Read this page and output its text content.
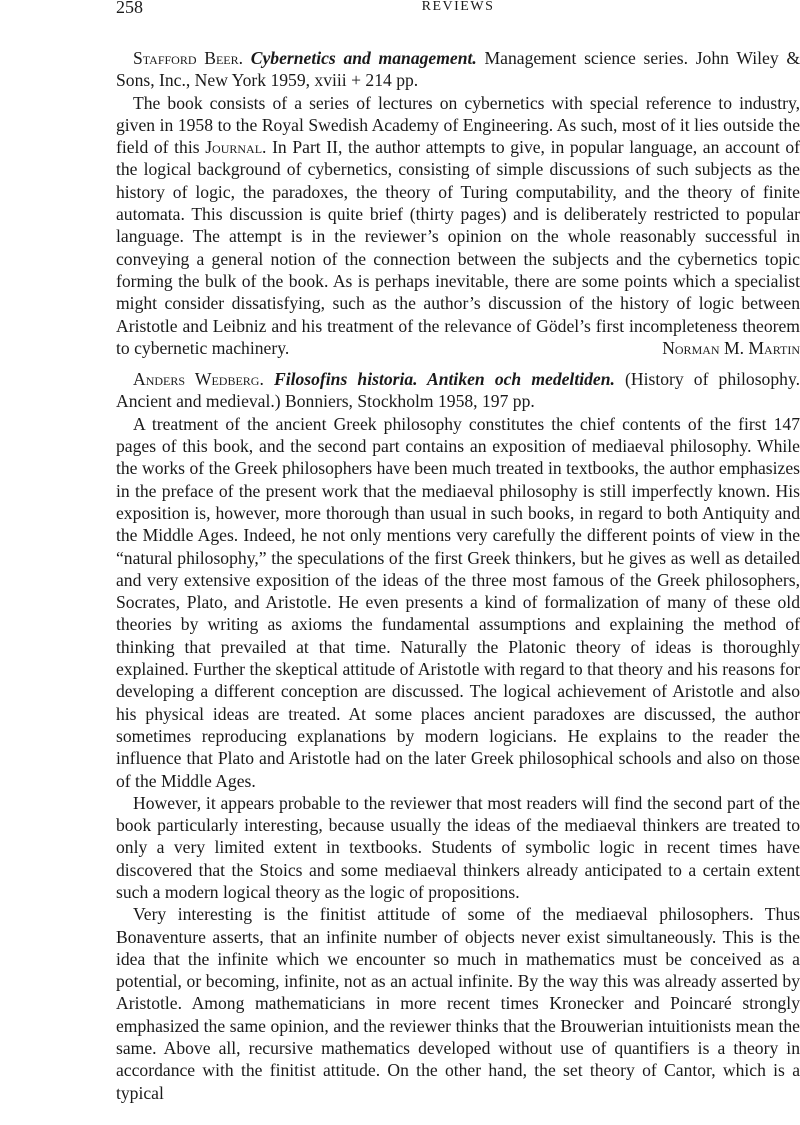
258	REVIEWS

Stafford Beer. Cybernetics and management. Management science series. John Wiley & Sons, Inc., New York 1959, xviii + 214 pp.

The book consists of a series of lectures on cybernetics with special reference to industry, given in 1958 to the Royal Swedish Academy of Engineering. As such, most of it lies outside the field of this Journal. In Part II, the author attempts to give, in popular language, an account of the logical background of cybernetics, consisting of simple discussions of such subjects as the history of logic, the paradoxes, the theory of Turing computability, and the theory of finite automata. This discussion is quite brief (thirty pages) and is deliberately restricted to popular language. The attempt is in the reviewer’s opinion on the whole reasonably successful in conveying a general notion of the connection between the subjects and the cybernetics topic forming the bulk of the book. As is perhaps inevitable, there are some points which a specialist might consider dissatisfying, such as the author’s discussion of the history of logic between Aristotle and Leibniz and his treatment of the relevance of Gödel’s first incompleteness theorem to cybernetic machinery.	Norman M. Martin

Anders Wedberg. Filosofins historia. Antiken och medeltiden. (History of philosophy. Ancient and medieval.) Bonniers, Stockholm 1958, 197 pp.

A treatment of the ancient Greek philosophy constitutes the chief contents of the first 147 pages of this book, and the second part contains an exposition of mediaeval philosophy. While the works of the Greek philosophers have been much treated in textbooks, the author emphasizes in the preface of the present work that the mediaeval philosophy is still imperfectly known. His exposition is, however, more thorough than usual in such books, in regard to both Antiquity and the Middle Ages. Indeed, he not only mentions very carefully the different points of view in the “natural philosophy,” the speculations of the first Greek thinkers, but he gives as well as detailed and very extensive exposition of the ideas of the three most famous of the Greek philosophers, Socrates, Plato, and Aristotle. He even presents a kind of formalization of many of these old theories by writing as axioms the fundamental assumptions and explaining the method of thinking that prevailed at that time. Naturally the Platonic theory of ideas is thoroughly explained. Further the skeptical attitude of Aristotle with regard to that theory and his reasons for developing a different conception are discussed. The logical achievement of Aristotle and also his physical ideas are treated. At some places ancient paradoxes are discussed, the author sometimes reproducing explanations by modern logicians. He explains to the reader the influence that Plato and Aristotle had on the later Greek philosophical schools and also on those of the Middle Ages.

However, it appears probable to the reviewer that most readers will find the second part of the book particularly interesting, because usually the ideas of the mediaeval thinkers are treated to only a very limited extent in textbooks. Students of symbolic logic in recent times have discovered that the Stoics and some mediaeval thinkers already anticipated to a certain extent such a modern logical theory as the logic of propositions.

Very interesting is the finitist attitude of some of the mediaeval philosophers. Thus Bonaventure asserts, that an infinite number of objects never exist simultaneously. This is the idea that the infinite which we encounter so much in mathematics must be conceived as a potential, or becoming, infinite, not as an actual infinite. By the way this was already asserted by Aristotle. Among mathematicians in more recent times Kronecker and Poincaré strongly emphasized the same opinion, and the reviewer thinks that the Brouwerian intuitionists mean the same. Above all, recursive mathematics developed without use of quantifiers is a theory in accordance with the finitist attitude. On the other hand, the set theory of Cantor, which is a typical
